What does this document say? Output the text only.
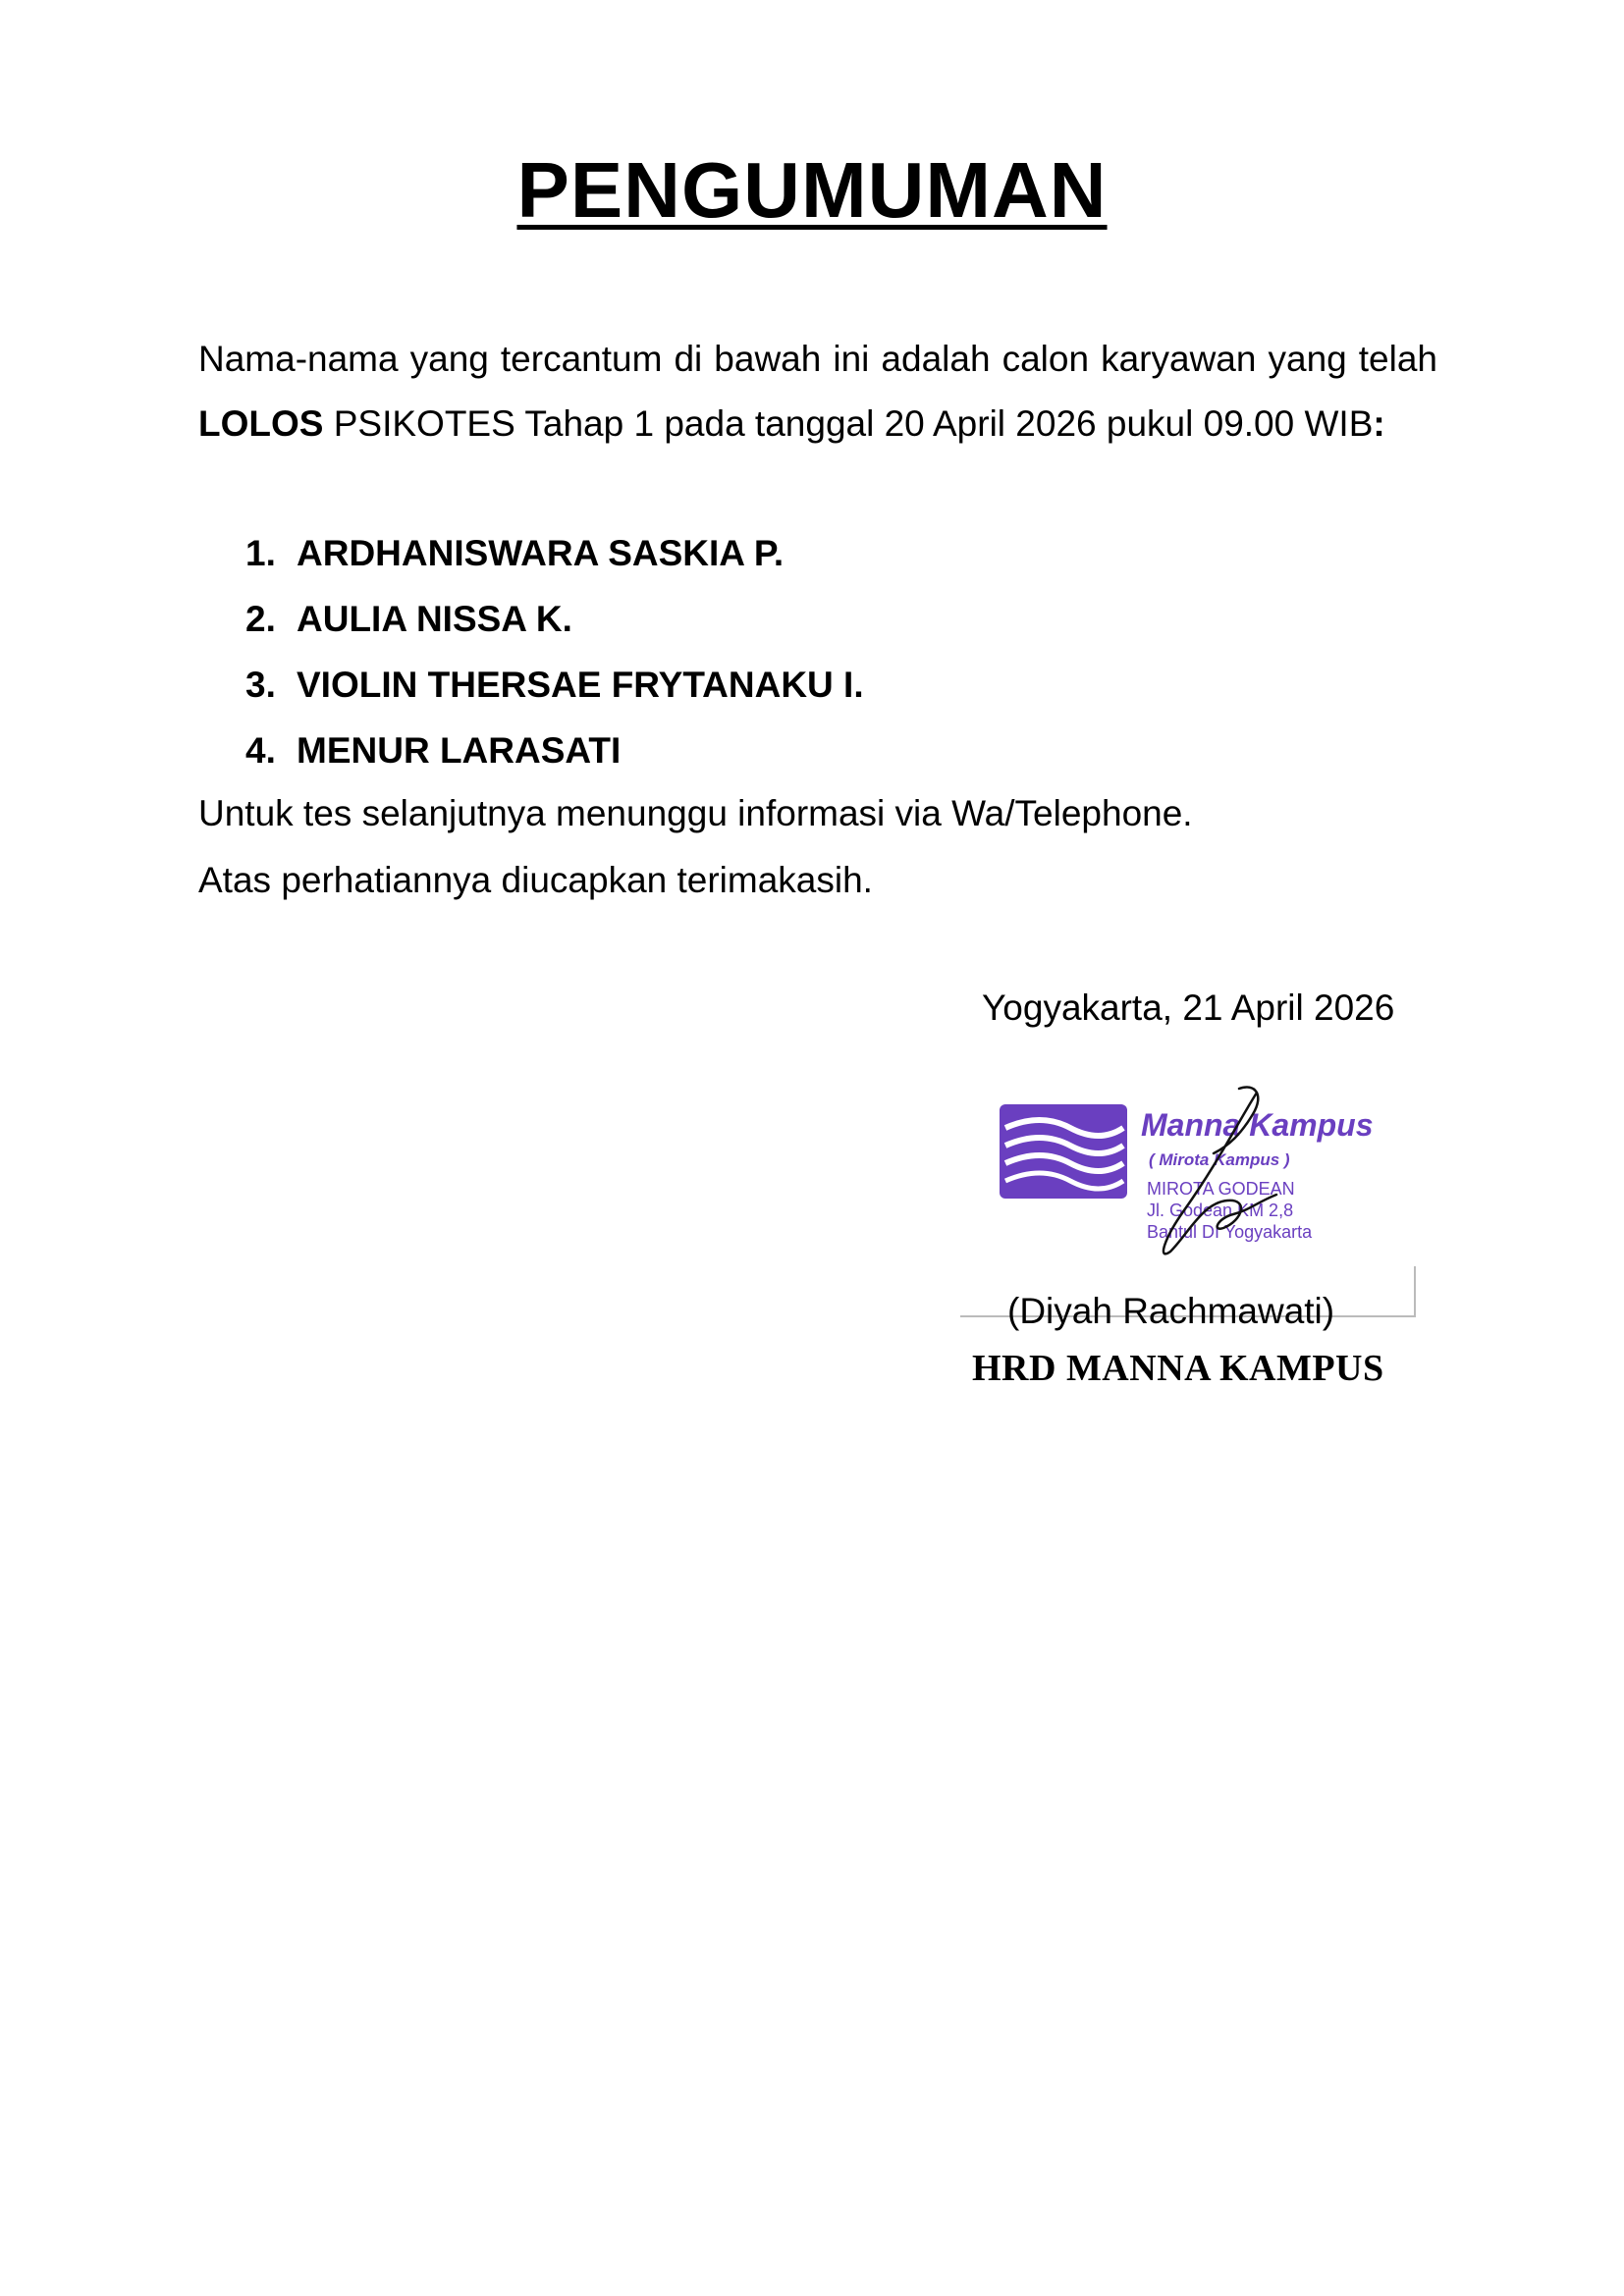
PENGUMUMAN

Nama-nama yang tercantum di bawah ini adalah calon karyawan yang telah LOLOS PSIKOTES Tahap 1 pada tanggal 20 April 2026 pukul 09.00 WIB:

1. ARDHANISWARA SASKIA P.
2. AULIA NISSA K.
3. VIOLIN THERSAE FRYTANAKU I.
4. MENUR LARASATI

Untuk tes selanjutnya menunggu informasi via Wa/Telephone.

Atas perhatiannya diucapkan terimakasih.

Yogyakarta, 21 April 2026

Manna Kampus
( Mirota Kampus )
MIROTA GODEAN
Jl. Godean KM 2,8
Bantul DI Yogyakarta

(Diyah Rachmawati)

HRD MANNA KAMPUS
